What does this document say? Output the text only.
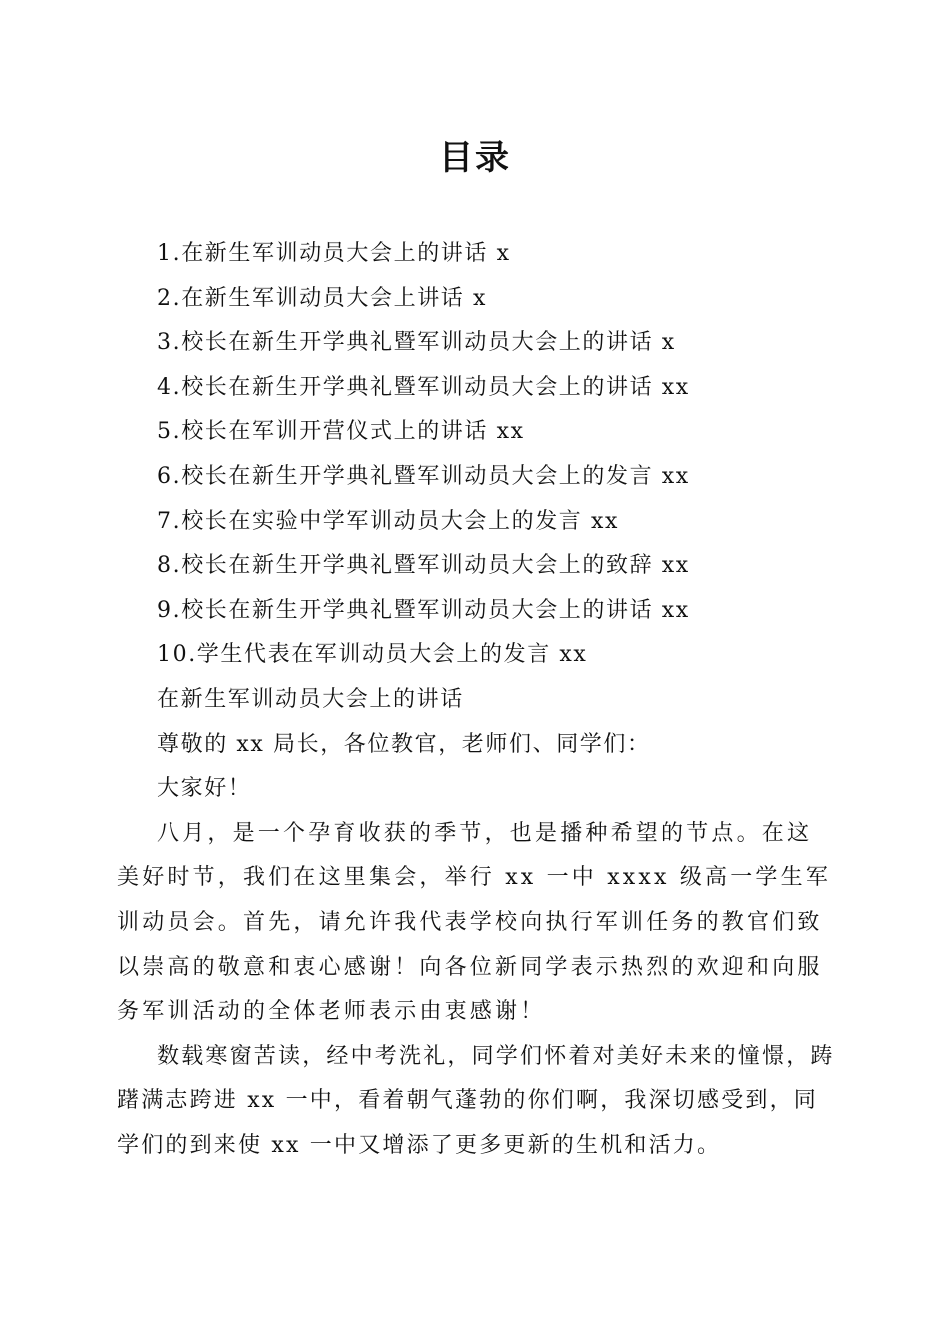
目录
1.在新生军训动员大会上的讲话 x
2.在新生军训动员大会上讲话 x
3.校长在新生开学典礼暨军训动员大会上的讲话 x
4.校长在新生开学典礼暨军训动员大会上的讲话 xx
5.校长在军训开营仪式上的讲话 xx
6.校长在新生开学典礼暨军训动员大会上的发言 xx
7.校长在实验中学军训动员大会上的发言 xx
8.校长在新生开学典礼暨军训动员大会上的致辞 xx
9.校长在新生开学典礼暨军训动员大会上的讲话 xx
10.学生代表在军训动员大会上的发言 xx
在新生军训动员大会上的讲话
尊敬的 xx 局长，各位教官，老师们、同学们：
大家好！

八月，是一个孕育收获的季节，也是播种希望的节点。在这美好时节，我们在这里集会，举行 xx 一中 xxxx 级高一学生军训动员会。首先，请允许我代表学校向执行军训任务的教官们致以崇高的敬意和衷心感谢！向各位新同学表示热烈的欢迎和向服务军训活动的全体老师表示由衷感谢！

数载寒窗苦读，经中考洗礼，同学们怀着对美好未来的憧憬，踌躇满志跨进 xx 一中，看着朝气蓬勃的你们啊，我深切感受到，同学们的到来使 xx 一中又增添了更多更新的生机和活力。
